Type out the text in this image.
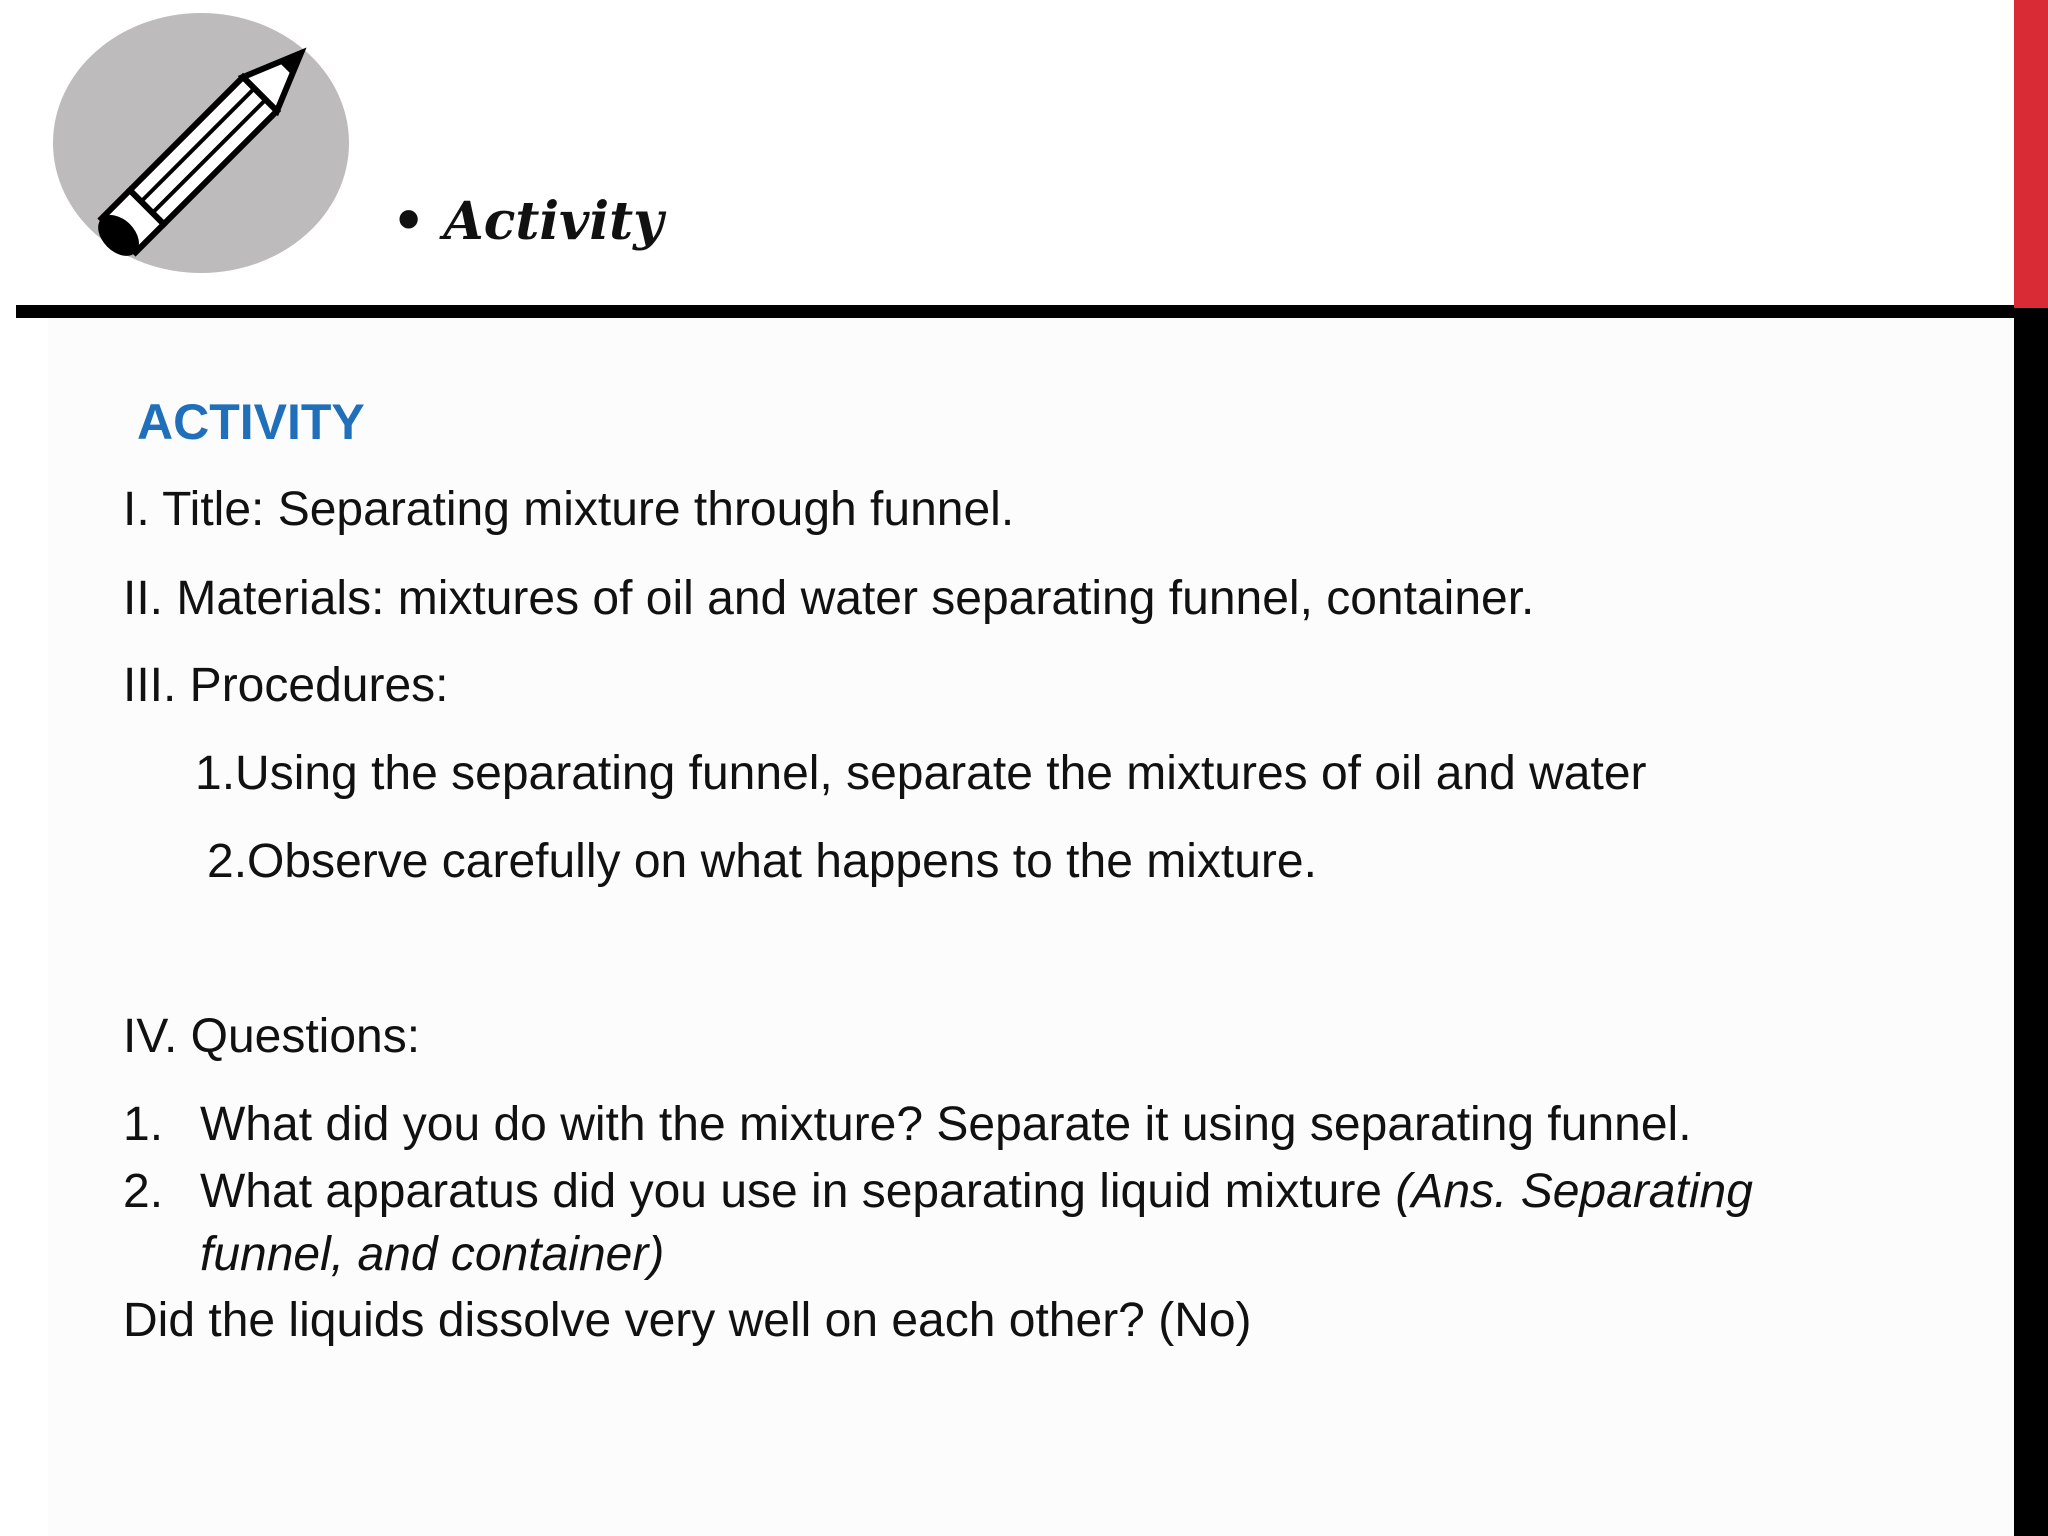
• Activity

ACTIVITY

I. Title: Separating mixture through funnel.

II. Materials: mixtures of oil and water separating funnel, container.

III. Procedures:

1.Using the separating funnel, separate the mixtures of oil and water

2.Observe carefully on what happens to the mixture.

IV. Questions:

1. What did you do with the mixture? Separate it using separating funnel.

2. What apparatus did you use in separating liquid mixture (Ans. Separating

funnel, and container)

Did the liquids dissolve very well on each other? (No)
